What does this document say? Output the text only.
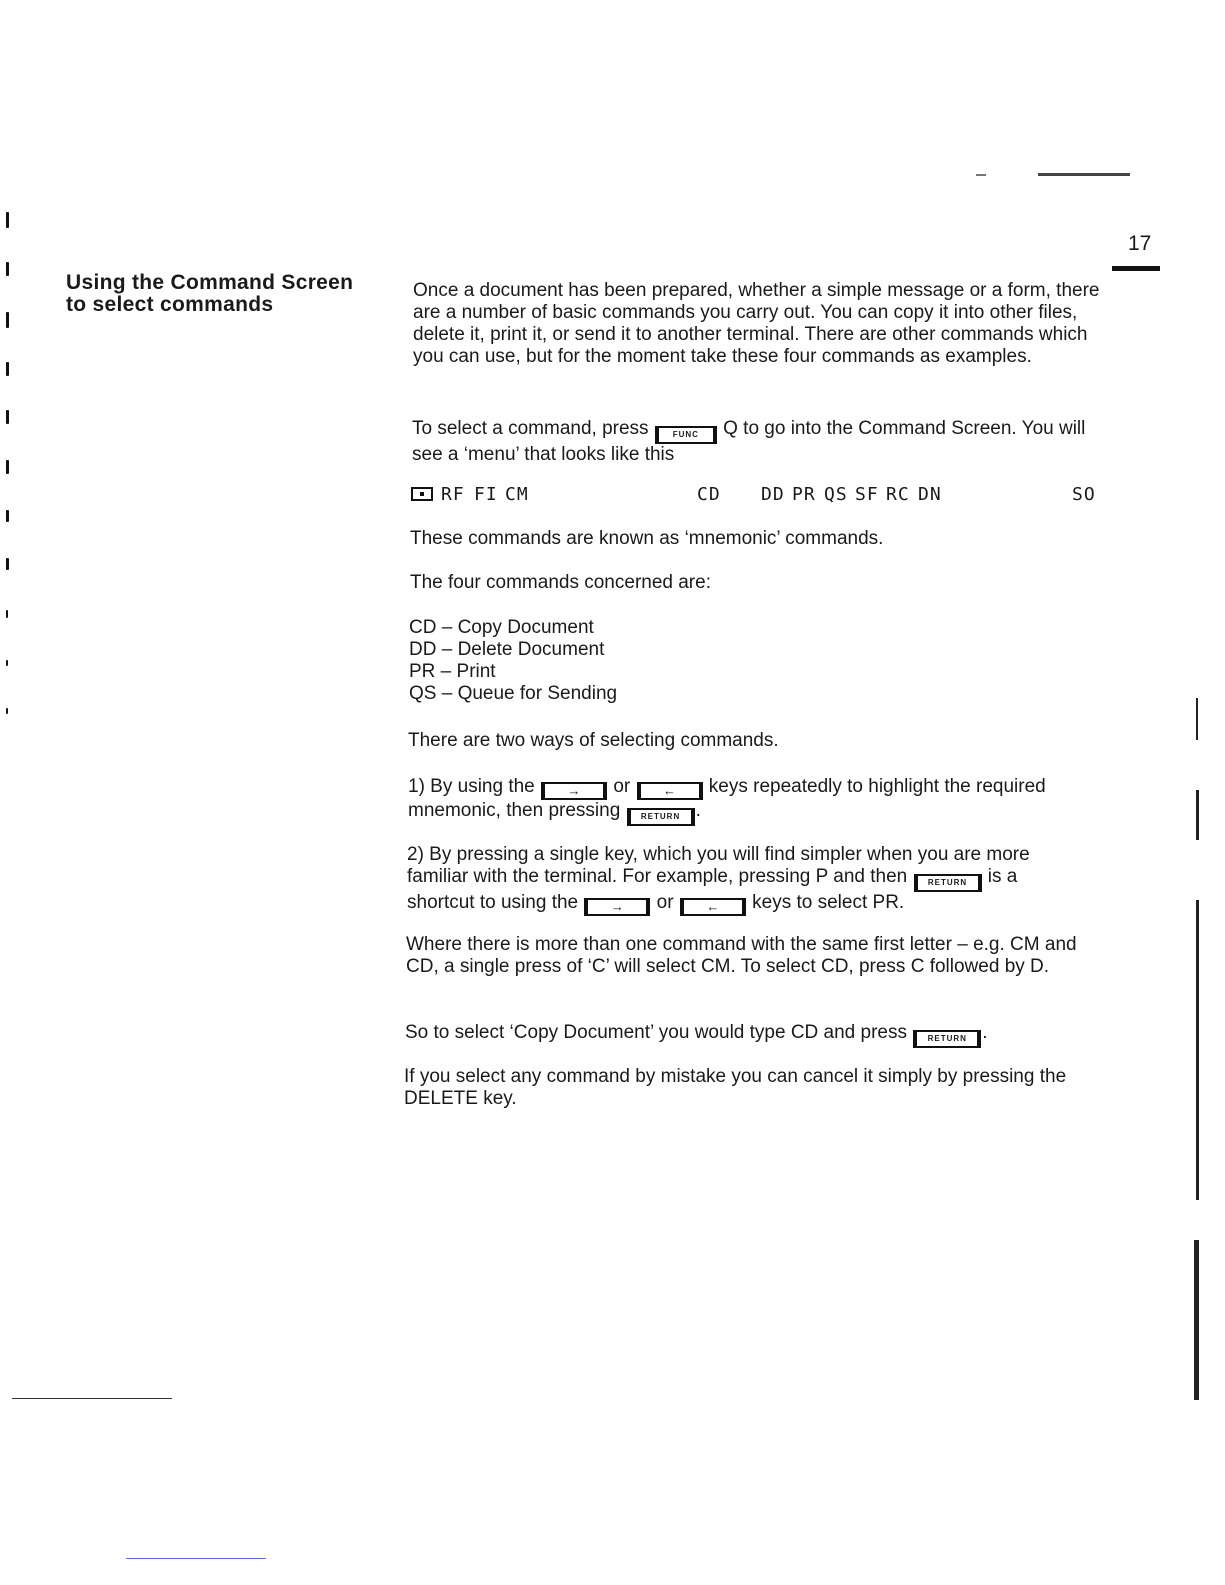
17
Using the Command Screen
to select commands

Once a document has been prepared, whether a simple message or a form, there are a number of basic commands you carry out. You can copy it into other files, delete it, print it, or send it to another terminal. There are other commands which you can use, but for the moment take these four commands as examples.

To select a command, press	FUNC Q to go into the Command Screen. You will see a ‘menu’ that looks like this

RF FI CM	CD DD PR QS SF RC DN	SO

These commands are known as ‘mnemonic’ commands.

The four commands concerned are:

CD – Copy Document
DD – Delete Document
PR – Print
QS – Queue for Sending

There are two ways of selecting commands.

1) By using the	→ or	← keys repeatedly to highlight the required mnemonic, then pressing	RETURN .

2) By pressing a single key, which you will find simpler when you are more familiar with the terminal. For example, pressing P and then	RETURN is a shortcut to using the	→ or	← keys to select PR.

Where there is more than one command with the same first letter – e.g. CM and CD, a single press of ‘C’ will select CM. To select CD, press C followed by D.

So to select ‘Copy Document’ you would type CD and press	RETURN .

If you select any command by mistake you can cancel it simply by pressing the DELETE key.
